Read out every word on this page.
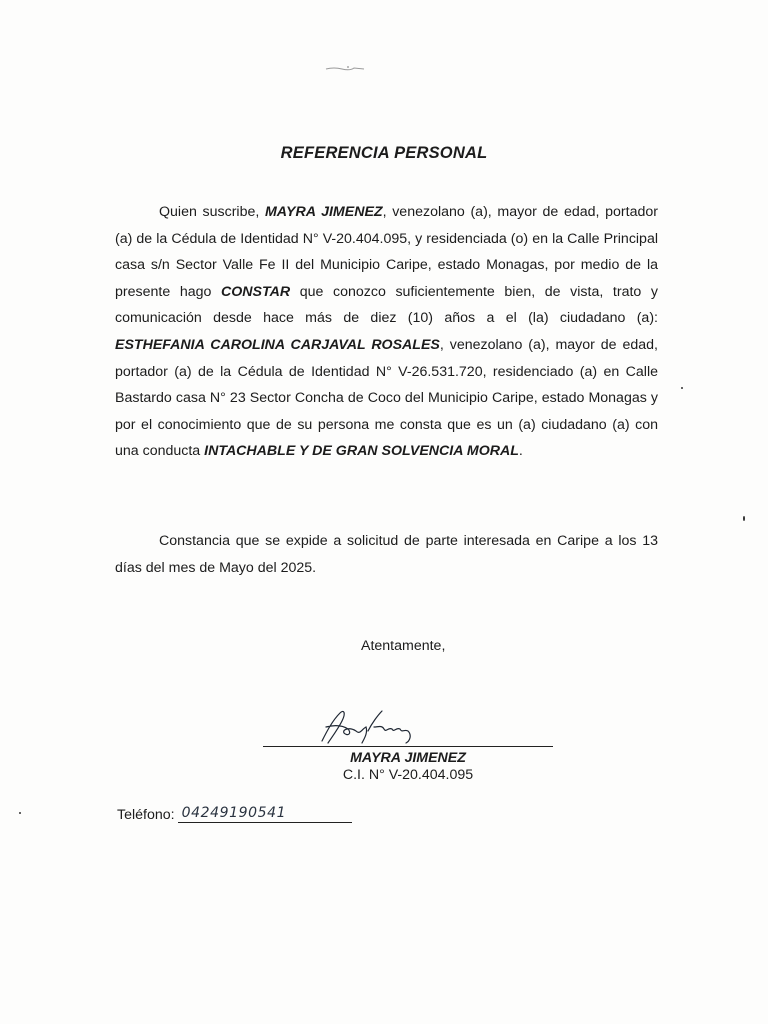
REFERENCIA PERSONAL

Quien suscribe, MAYRA JIMENEZ, venezolano (a), mayor de edad, portador (a) de la Cédula de Identidad N° V-20.404.095, y residenciada (o) en la Calle Principal casa s/n Sector Valle Fe II del Municipio Caripe, estado Monagas, por medio de la presente hago CONSTAR que conozco suficientemente bien, de vista, trato y comunicación desde hace más de diez (10) años a el (la) ciudadano (a): ESTHEFANIA CAROLINA CARJAVAL ROSALES, venezolano (a), mayor de edad, portador (a) de la Cédula de Identidad N° V-26.531.720, residenciado (a) en Calle Bastardo casa N° 23 Sector Concha de Coco del Municipio Caripe, estado Monagas y por el conocimiento que de su persona me consta que es un (a) ciudadano (a) con una conducta INTACHABLE Y DE GRAN SOLVENCIA MORAL.

Constancia que se expide a solicitud de parte interesada en Caripe a los 13 días del mes de Mayo del 2025.

Atentamente,
MAYRA JIMENEZ
C.I. N° V-20.404.095
Teléfono: 04249190541
